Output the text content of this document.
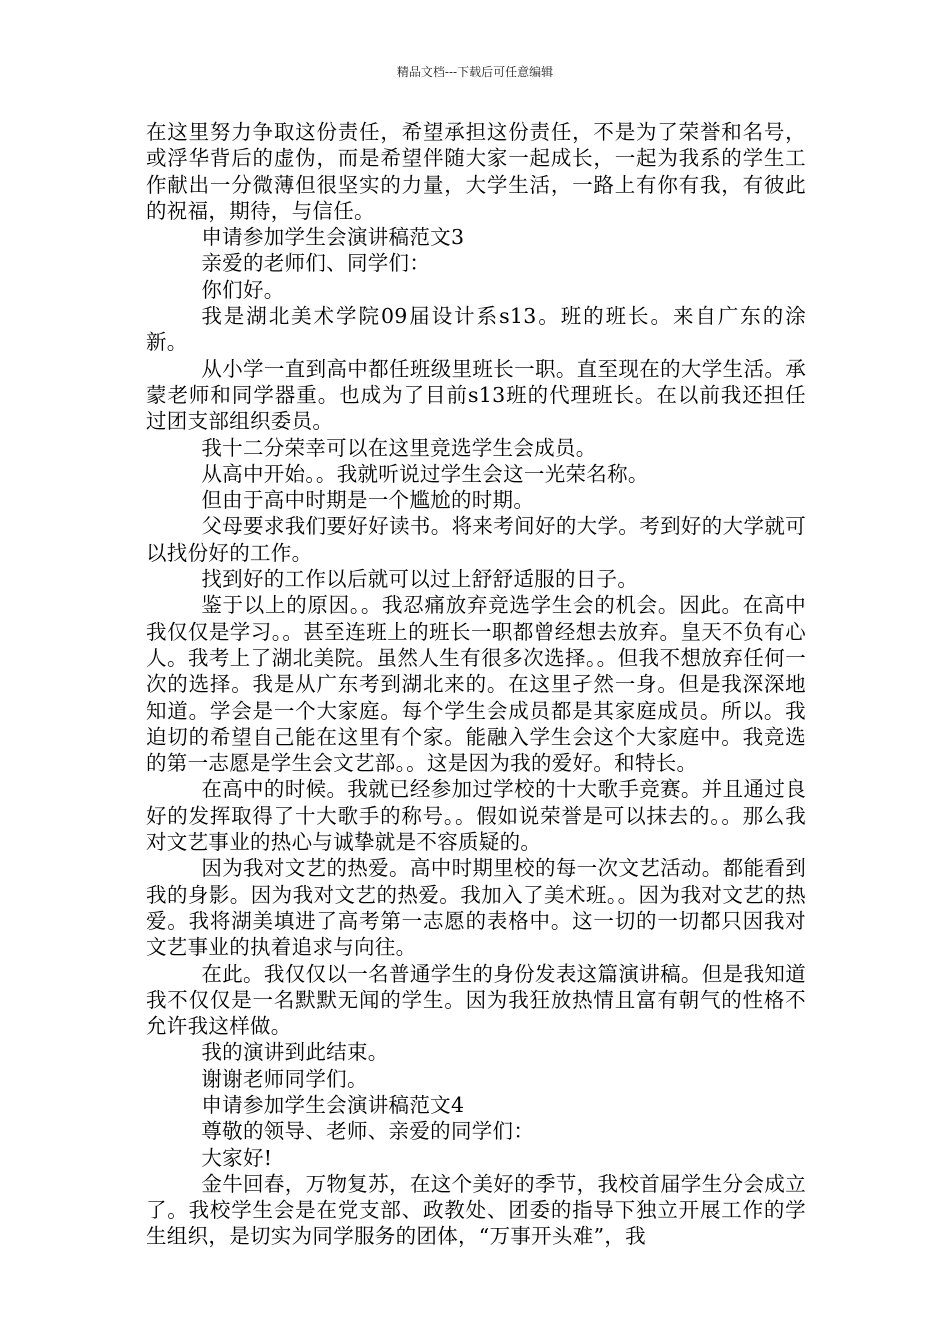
精品文档---下载后可任意编辑

在这里努力争取这份责任，希望承担这份责任，不是为了荣誉和名号，或浮华背后的虚伪，而是希望伴随大家一起成长，一起为我系的学生工作献出一分微薄但很坚实的力量，大学生活，一路上有你有我，有彼此的祝福，期待，与信任。

申请参加学生会演讲稿范文3

亲爱的老师们、同学们：

你们好。

我是湖北美术学院09届设计系s13。班的班长。来自广东的涂新。

从小学一直到高中都任班级里班长一职。直至现在的大学生活。承蒙老师和同学器重。也成为了目前s13班的代理班长。在以前我还担任过团支部组织委员。

我十二分荣幸可以在这里竞选学生会成员。

从高中开始。。我就听说过学生会这一光荣名称。

但由于高中时期是一个尴尬的时期。

父母要求我们要好好读书。将来考间好的大学。考到好的大学就可以找份好的工作。

找到好的工作以后就可以过上舒舒适服的日子。

鉴于以上的原因。。我忍痛放弃竞选学生会的机会。因此。在高中我仅仅是学习。。甚至连班上的班长一职都曾经想去放弃。皇天不负有心人。我考上了湖北美院。虽然人生有很多次选择。。但我不想放弃任何一次的选择。我是从广东考到湖北来的。在这里孑然一身。但是我深深地知道。学会是一个大家庭。每个学生会成员都是其家庭成员。所以。我迫切的希望自己能在这里有个家。能融入学生会这个大家庭中。我竞选的第一志愿是学生会文艺部。。这是因为我的爱好。和特长。

在高中的时候。我就已经参加过学校的十大歌手竞赛。并且通过良好的发挥取得了十大歌手的称号。。假如说荣誉是可以抹去的。。那么我对文艺事业的热心与诚挚就是不容质疑的。

因为我对文艺的热爱。高中时期里校的每一次文艺活动。都能看到我的身影。因为我对文艺的热爱。我加入了美术班。。因为我对文艺的热爱。我将湖美填进了高考第一志愿的表格中。这一切的一切都只因我对文艺事业的执着追求与向往。

在此。我仅仅以一名普通学生的身份发表这篇演讲稿。但是我知道我不仅仅是一名默默无闻的学生。因为我狂放热情且富有朝气的性格不允许我这样做。

我的演讲到此结束。

谢谢老师同学们。

申请参加学生会演讲稿范文4

尊敬的领导、老师、亲爱的同学们：

大家好!

金牛回春，万物复苏，在这个美好的季节，我校首届学生分会成立了。我校学生会是在党支部、政教处、团委的指导下独立开展工作的学生组织，是切实为同学服务的团体，“万事开头难”，我
